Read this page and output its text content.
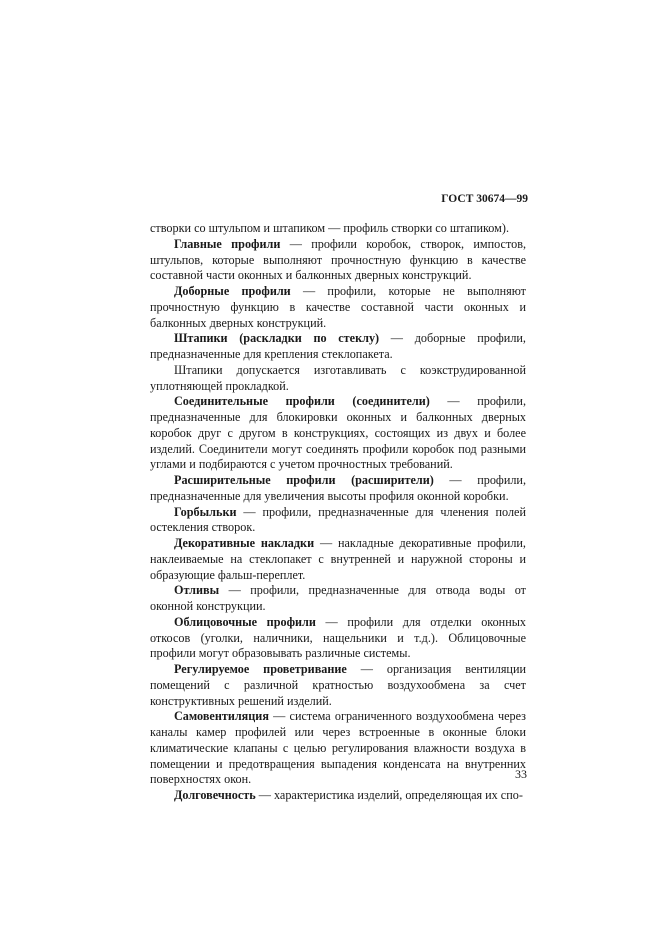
ГОСТ 30674—99

створки со штульпом и штапиком — профиль створки со штапиком).

Главные профили — профили коробок, створок, импостов, штульпов, которые выполняют прочностную функцию в качестве составной части оконных и балконных дверных конструкций.

Доборные профили — профили, которые не выполняют прочностную функцию в качестве составной части оконных и балконных дверных конструкций.

Штапики (раскладки по стеклу) — доборные профили, предназначенные для крепления стеклопакета.

Штапики допускается изготавливать с коэкструдированной уплотняющей прокладкой.

Соединительные профили (соединители) — профили, предназначенные для блокировки оконных и балконных дверных коробок друг с другом в конструкциях, состоящих из двух и более изделий. Соединители могут соединять профили коробок под разными углами и подбираются с учетом прочностных требований.

Расширительные профили (расширители) — профили, предназначенные для увеличения высоты профиля оконной коробки.

Горбыльки — профили, предназначенные для членения полей остекления створок.

Декоративные накладки — накладные декоративные профили, наклеиваемые на стеклопакет с внутренней и наружной стороны и образующие фальш-переплет.

Отливы — профили, предназначенные для отвода воды от оконной конструкции.

Облицовочные профили — профили для отделки оконных откосов (уголки, наличники, нащельники и т.д.). Облицовочные профили могут образовывать различные системы.

Регулируемое проветривание — организация вентиляции помещений с различной кратностью воздухообмена за счет конструктивных решений изделий.

Самовентиляция — система ограниченного воздухообмена через каналы камер профилей или через встроенные в оконные блоки климатические клапаны с целью регулирования влажности воздуха в помещении и предотвращения выпадения конденсата на внутренних поверхностях окон.

Долговечность — характеристика изделий, определяющая их спо-

33
